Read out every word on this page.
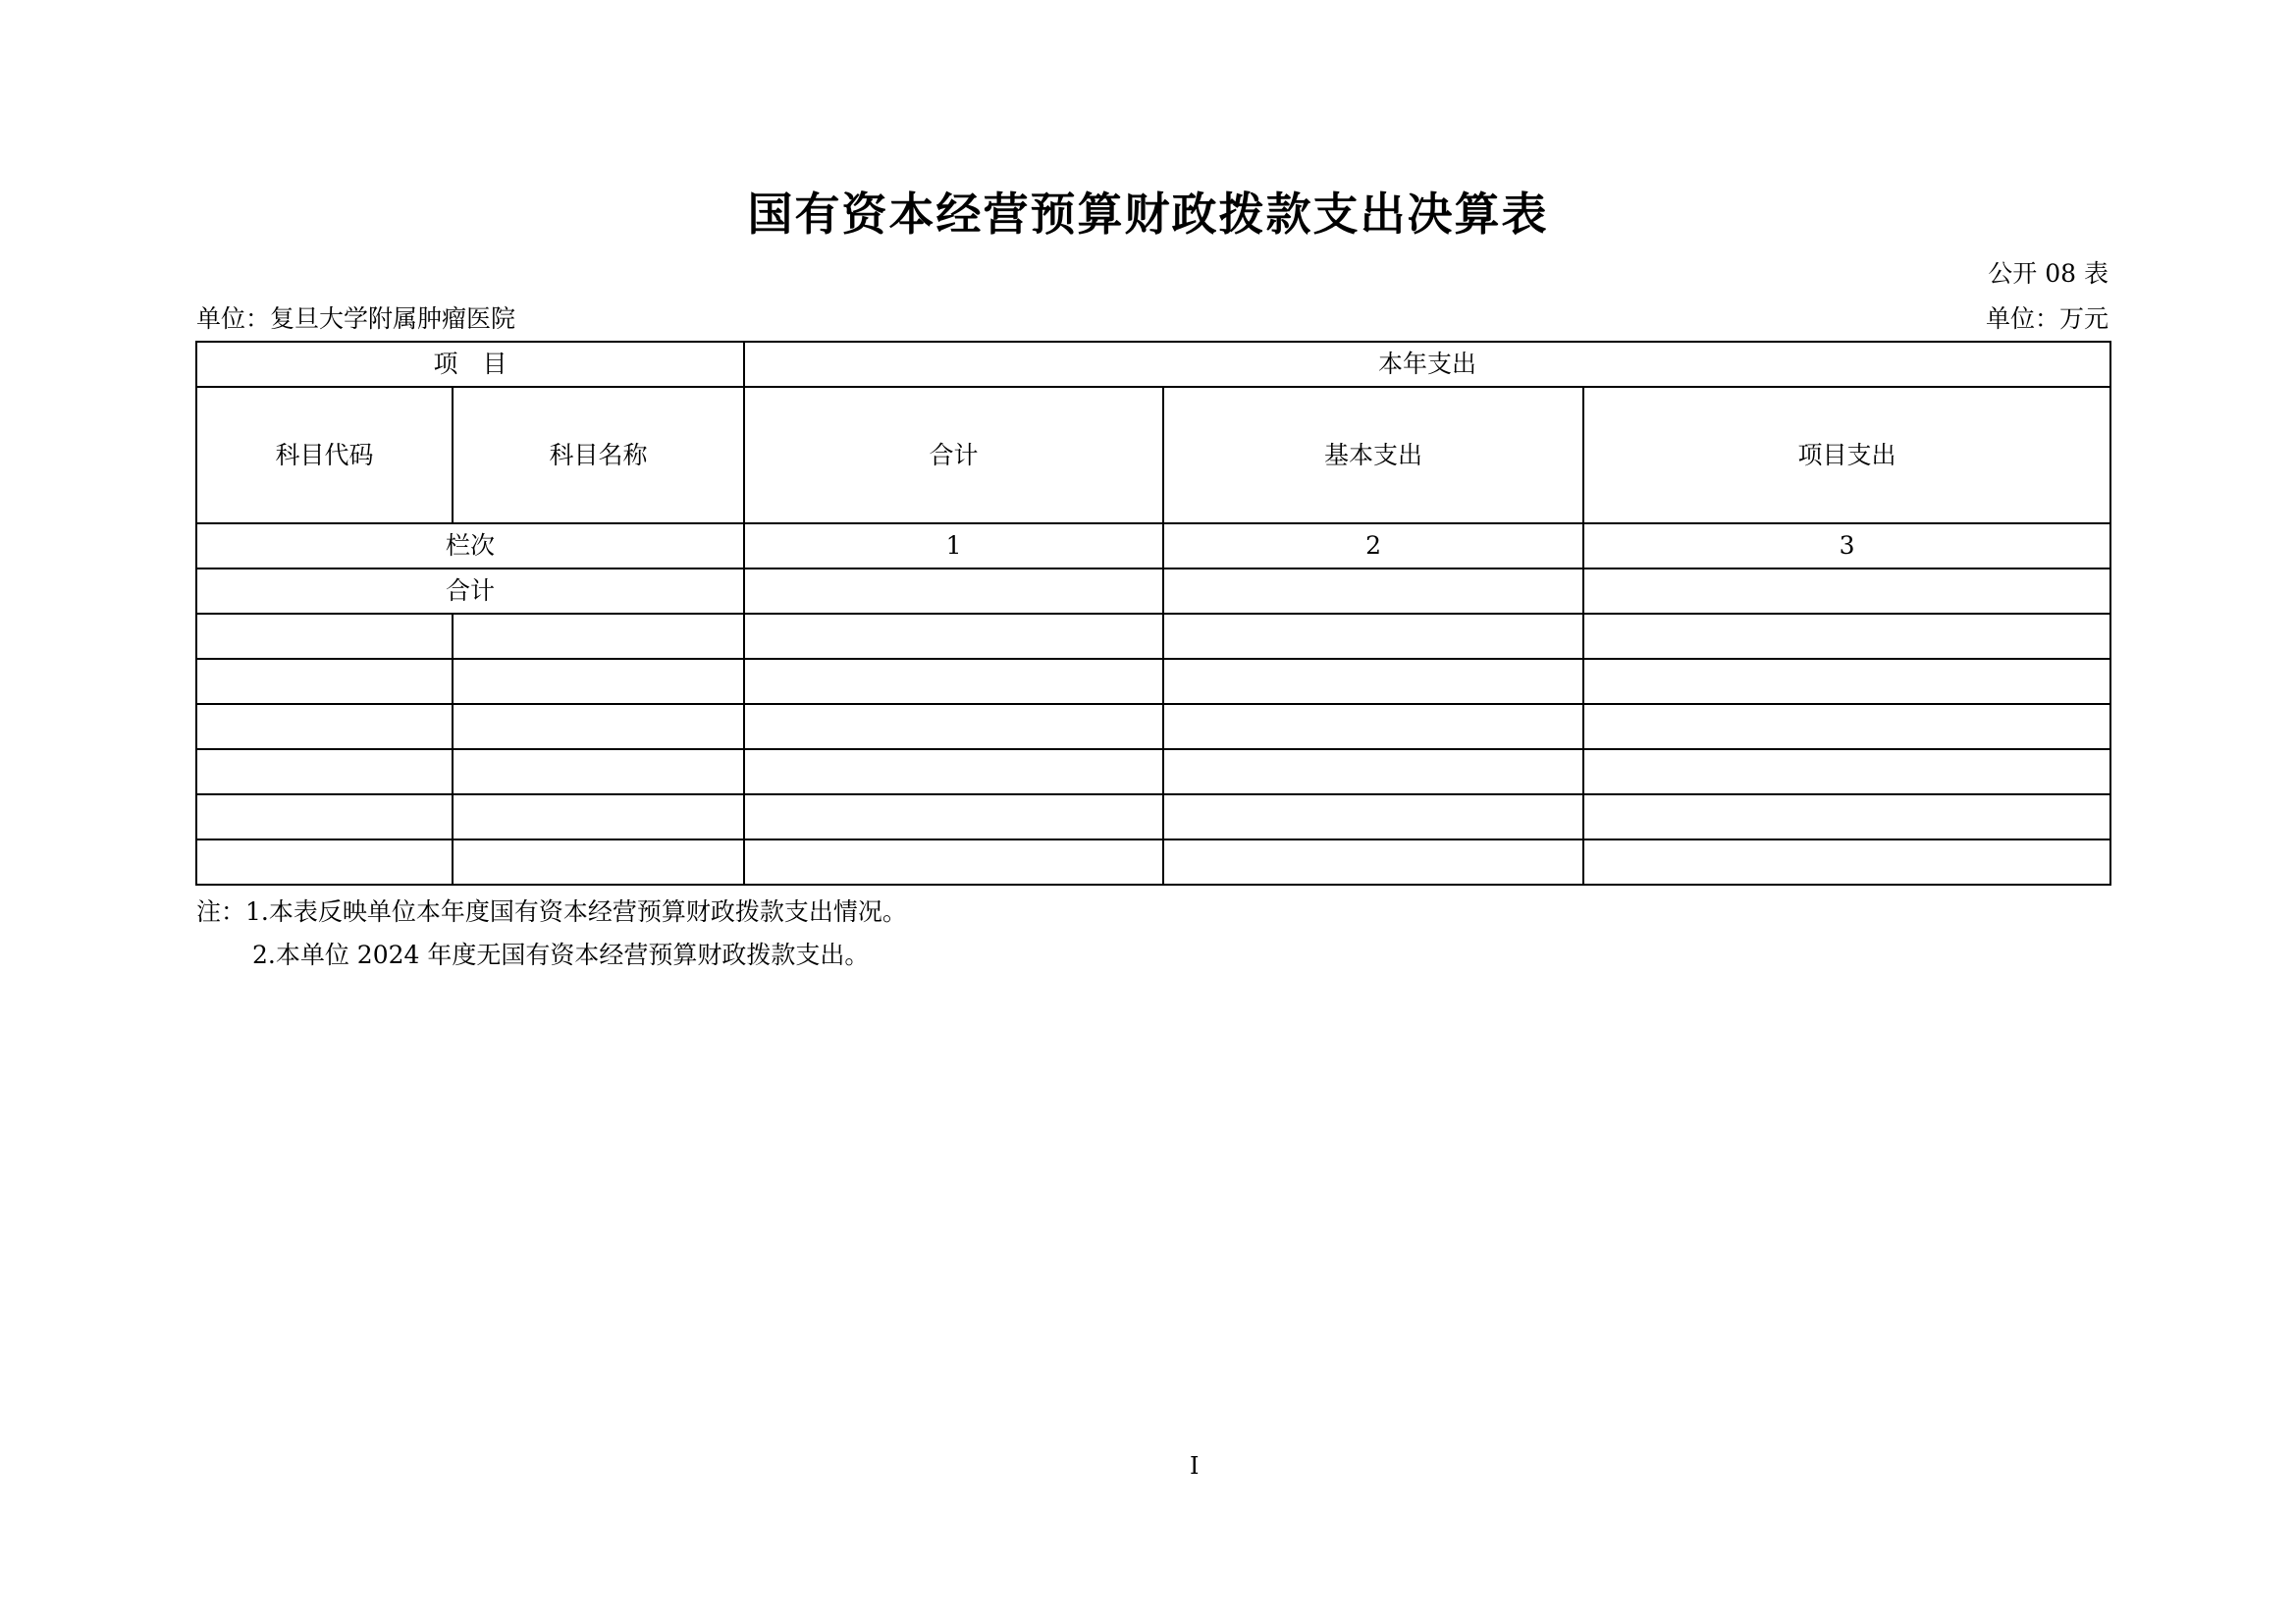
国有资本经营预算财政拨款支出决算表
公开 08 表
单位：复旦大学附属肿瘤医院	单位：万元
项　目		本年支出		
科目代码	科目名称	合计	基本支出	项目支出
栏次		1	2	3
合计				

注：1.本表反映单位本年度国有资本经营预算财政拨款支出情况。
2.本单位 2024 年度无国有资本经营预算财政拨款支出。
I
